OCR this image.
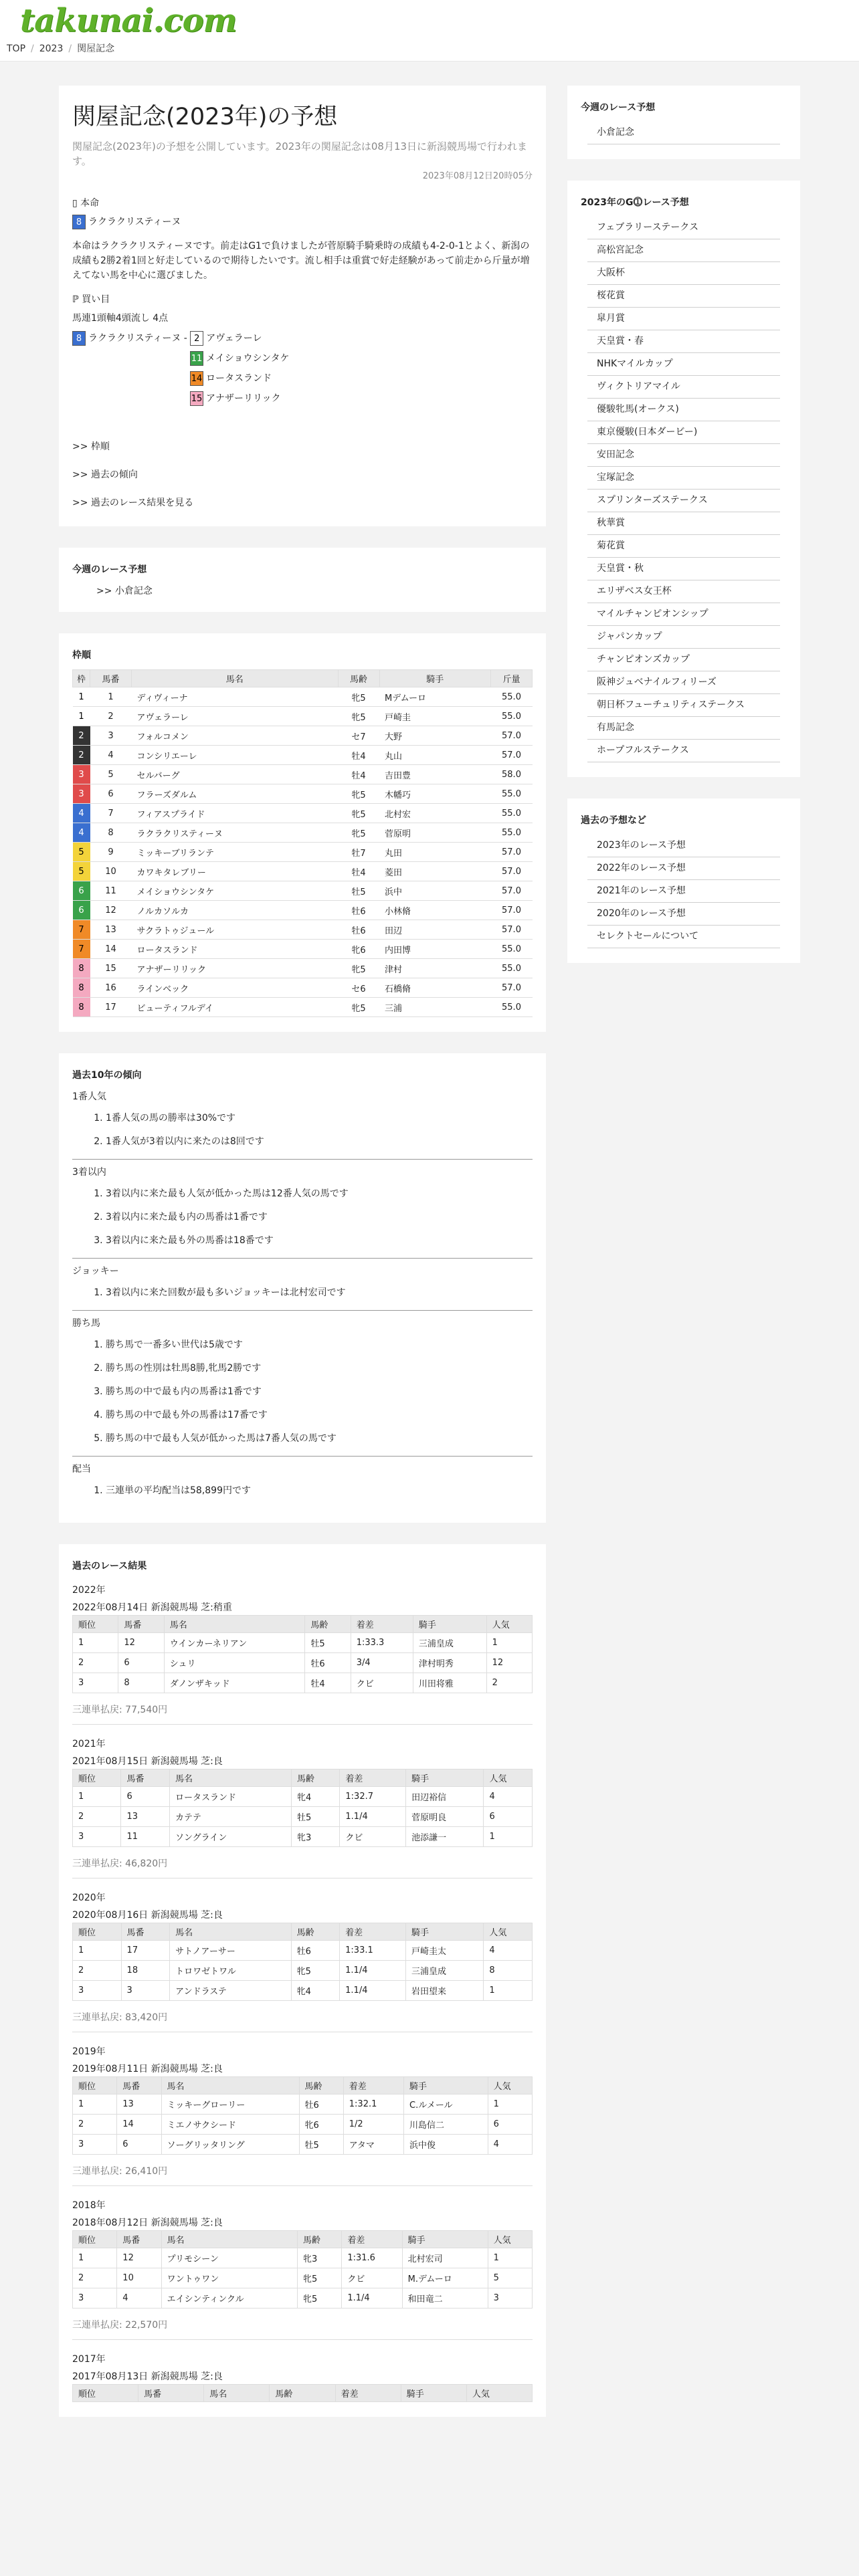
takunai.com
TOP / 2023 / 関屋記念
関屋記念(2023年)の予想

関屋記念(2023年)の予想を公開しています。2023年の関屋記念は08月13日に新潟競馬場で行われます。

2023年08月12日20時05分

▯ 本命
8 ラクラクリスティーヌ

本命はラクラクリスティーヌです。前走はG1で負けましたが菅原騎手騎乗時の成績も4-2-0-1とよく、新潟の成績も2勝2着1回と好走しているので期待したいです。流し相手は重賞で好走経験があって前走から斤量が増えてない馬を中心に選びました。

ℙ 買い目
馬連1頭軸4頭流し 4点
8 ラクラクリスティーヌ - 2 アヴェラーレ
11 メイショウシンタケ
14 ロータスランド
15 アナザーリリック

>> 枠順

>> 過去の傾向

>> 過去のレース結果を見る

今週のレース予想
>> 小倉記念
枠順
枠	馬番	馬名	馬齢	騎手	斤量
1	1	ディヴィーナ	牝5	Mデムーロ	55.0
1	2	アヴェラーレ	牝5	戸崎圭	55.0
2	3	フォルコメン	セ7	大野	57.0
2	4	コンシリエーレ	牡4	丸山	57.0
3	5	セルバーグ	牡4	吉田豊	58.0
3	6	フラーズダルム	牝5	木幡巧	55.0
4	7	フィアスプライド	牝5	北村宏	55.0
4	8	ラクラクリスティーヌ	牝5	菅原明	55.0
5	9	ミッキーブリランテ	牡7	丸田	57.0
5	10	カワキタレブリー	牡4	菱田	57.0
6	11	メイショウシンタケ	牡5	浜中	57.0
6	12	ノルカソルカ	牡6	小林脩	57.0
7	13	サクラトゥジュール	牡6	田辺	57.0
7	14	ロータスランド	牝6	内田博	55.0
8	15	アナザーリリック	牝5	津村	55.0
8	16	ラインベック	セ6	石橋脩	57.0
8	17	ビューティフルデイ	牝5	三浦	55.0
過去10年の傾向
1番人気
1. 1番人気の馬の勝率は30%です
2. 1番人気が3着以内に来たのは8回です
3着以内
1. 3着以内に来た最も人気が低かった馬は12番人気の馬です
2. 3着以内に来た最も内の馬番は1番です
3. 3着以内に来た最も外の馬番は18番です
ジョッキー
1. 3着以内に来た回数が最も多いジョッキーは北村宏司です
勝ち馬
1. 勝ち馬で一番多い世代は5歳です
2. 勝ち馬の性別は牡馬8勝,牝馬2勝です
3. 勝ち馬の中で最も内の馬番は1番です
4. 勝ち馬の中で最も外の馬番は17番です
5. 勝ち馬の中で最も人気が低かった馬は7番人気の馬です
配当
1. 三連単の平均配当は58,899円です
過去のレース結果
2022年
2022年08月14日 新潟競馬場 芝:稍重
順位	馬番	馬名	馬齢	着差	騎手	人気
1	12	ウインカーネリアン	牡5	1:33.3	三浦皇成	1
2	6	シュリ	牡6	3/4	津村明秀	12
3	8	ダノンザキッド	牡4	クビ	川田将雅	2
三連単払戻: 77,540円
2021年
2021年08月15日 新潟競馬場 芝:良
順位	馬番	馬名	馬齢	着差	騎手	人気
1	6	ロータスランド	牝4	1:32.7	田辺裕信	4
2	13	カテテ	牡5	1.1/4	菅原明良	6
3	11	ソングライン	牝3	クビ	池添謙一	1
三連単払戻: 46,820円
2020年
2020年08月16日 新潟競馬場 芝:良
順位	馬番	馬名	馬齢	着差	騎手	人気
1	17	サトノアーサー	牡6	1:33.1	戸崎圭太	4
2	18	トロワゼトワル	牝5	1.1/4	三浦皇成	8
3	3	アンドラステ	牝4	1.1/4	岩田望来	1
三連単払戻: 83,420円
2019年
2019年08月11日 新潟競馬場 芝:良
順位	馬番	馬名	馬齢	着差	騎手	人気
1	13	ミッキーグローリー	牡6	1:32.1	C.ルメール	1
2	14	ミエノサクシード	牝6	1/2	川島信二	6
3	6	ソーグリッタリング	牡5	アタマ	浜中俊	4
三連単払戻: 26,410円
2018年
2018年08月12日 新潟競馬場 芝:良
順位	馬番	馬名	馬齢	着差	騎手	人気
1	12	プリモシーン	牝3	1:31.6	北村宏司	1
2	10	ワントゥワン	牝5	クビ	M.デムーロ	5
3	4	エイシンティンクル	牝5	1.1/4	和田竜二	3
三連単払戻: 22,570円
2017年
2017年08月13日 新潟競馬場 芝:良
順位	馬番	馬名	馬齢	着差	騎手	人気
今週のレース予想
小倉記念
2023年のG⓵レース予想
フェブラリーステークス
高松宮記念
大阪杯
桜花賞
皐月賞
天皇賞・春
NHKマイルカップ
ヴィクトリアマイル
優駿牝馬(オークス)
東京優駿(日本ダービー)
安田記念
宝塚記念
スプリンターズステークス
秋華賞
菊花賞
天皇賞・秋
エリザベス女王杯
マイルチャンピオンシップ
ジャパンカップ
チャンピオンズカップ
阪神ジュベナイルフィリーズ
朝日杯フューチュリティステークス
有馬記念
ホープフルステークス
過去の予想など
2023年のレース予想
2022年のレース予想
2021年のレース予想
2020年のレース予想
セレクトセールについて
